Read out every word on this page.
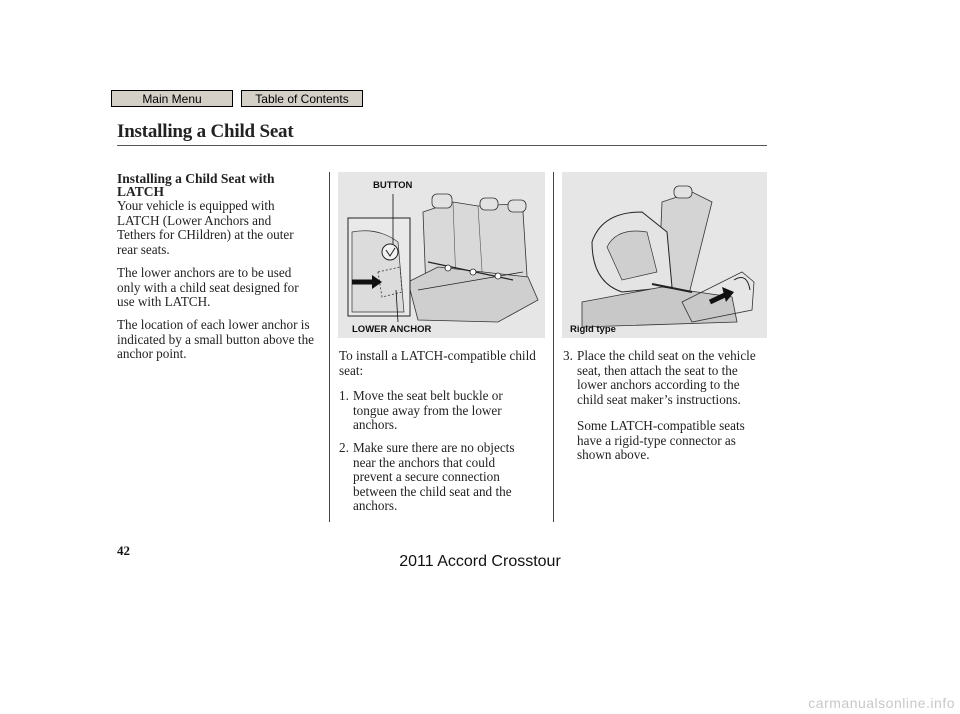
Main Menu	Table of Contents
Installing a Child Seat
Installing a Child Seat with
LATCH
Your vehicle is equipped with
LATCH (Lower Anchors and
Tethers for CHildren) at the outer
rear seats.
The lower anchors are to be used
only with a child seat designed for
use with LATCH.
The location of each lower anchor is
indicated by a small button above the
anchor point.
BUTTON
LOWER ANCHOR	Rigid type
To install a LATCH-compatible child
seat:
1. Move the seat belt buckle or
tongue away from the lower
anchors.
2. Make sure there are no objects
near the anchors that could
prevent a secure connection
between the child seat and the
anchors.
3. Place the child seat on the vehicle
seat, then attach the seat to the
lower anchors according to the
child seat maker’s instructions.
Some LATCH-compatible seats
have a rigid-type connector as
shown above.
42
2011 Accord Crosstour
carmanualsonline.info
